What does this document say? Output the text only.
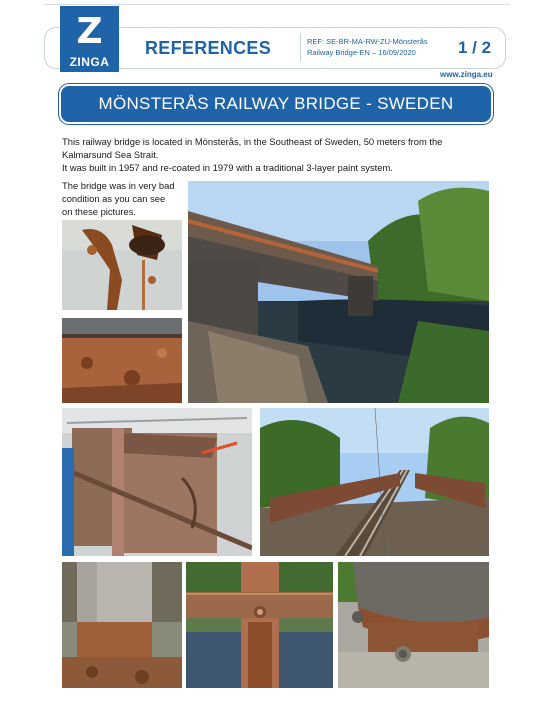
Z
ZINGA
REFERENCES	REF: SE-BR-MA-RW-ZU-Mönsterås
Railway Bridge-EN – 16/09/2020	1 / 2
www.zinga.eu
MÖNSTERÅS RAILWAY BRIDGE - SWEDEN
This railway bridge is located in Mönsterås, in the Southeast of Sweden, 50 meters from the
Kalmarsund Sea Strait.
It was built in 1957 and re-coated in 1979 with a traditional 3-layer paint system.
The bridge was in very bad
condition as you can see
on these pictures.
